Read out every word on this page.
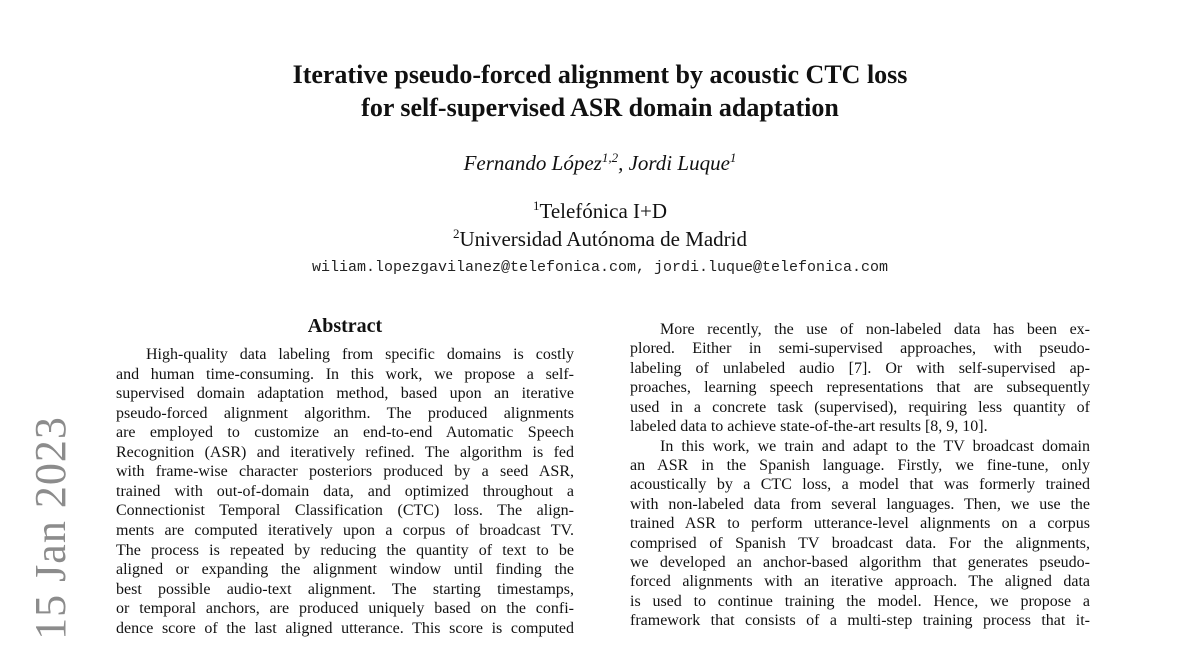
15 Jan 2023
Iterative pseudo-forced alignment by acoustic CTC loss
for self-supervised ASR domain adaptation
Fernando López$^{1,2}$, Jordi Luque$^1$
$^1$Telefónica I+D
$^2$Universidad Autónoma de Madrid
wiliam.lopezgavilanez@telefonica.com, jordi.luque@telefonica.com
Abstract
High-quality data labeling from specific domains is costly
and human time-consuming. In this work, we propose a self-
supervised domain adaptation method, based upon an iterative
pseudo-forced alignment algorithm. The produced alignments
are employed to customize an end-to-end Automatic Speech
Recognition (ASR) and iteratively refined. The algorithm is fed
with frame-wise character posteriors produced by a seed ASR,
trained with out-of-domain data, and optimized throughout a
Connectionist Temporal Classification (CTC) loss. The align-
ments are computed iteratively upon a corpus of broadcast TV.
The process is repeated by reducing the quantity of text to be
aligned or expanding the alignment window until finding the
best possible audio-text alignment. The starting timestamps,
or temporal anchors, are produced uniquely based on the confi-
dence score of the last aligned utterance. This score is computed
More recently, the use of non-labeled data has been ex-
plored. Either in semi-supervised approaches, with pseudo-
labeling of unlabeled audio [7]. Or with self-supervised ap-
proaches, learning speech representations that are subsequently
used in a concrete task (supervised), requiring less quantity of
labeled data to achieve state-of-the-art results [8, 9, 10].
In this work, we train and adapt to the TV broadcast domain
an ASR in the Spanish language. Firstly, we fine-tune, only
acoustically by a CTC loss, a model that was formerly trained
with non-labeled data from several languages. Then, we use the
trained ASR to perform utterance-level alignments on a corpus
comprised of Spanish TV broadcast data. For the alignments,
we developed an anchor-based algorithm that generates pseudo-
forced alignments with an iterative approach. The aligned data
is used to continue training the model. Hence, we propose a
framework that consists of a multi-step training process that it-
